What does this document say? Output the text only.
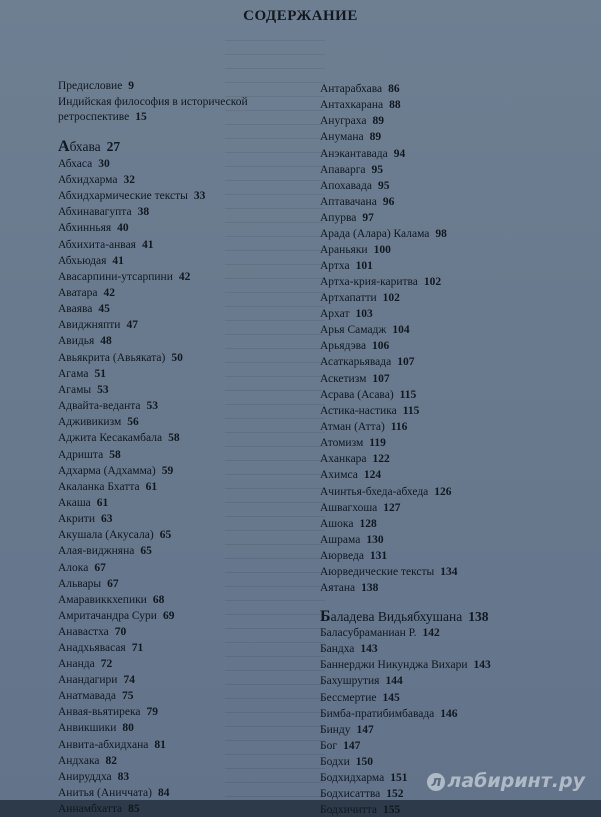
СОДЕРЖАНИЕ
Предисловие 9
Индийская философия в исторической
ретроспективе 15
Абхава 27
Абхаса 30
Абхидхарма 32
Абхидхармические тексты 33
Абхинавагупта 38
Абхинньяя 40
Абхихита-анвая 41
Абхьюдая 41
Авасарпини-утсарпини 42
Аватара 42
Аваява 45
Авиджняпти 47
Авидья 48
Авьякрита (Авьяката) 50
Агама 51
Агамы 53
Адвайта-веданта 53
Адживикизм 56
Аджита Кесакамбала 58
Адришта 58
Адхарма (Адхамма) 59
Акаланка Бхатта 61
Акаша 61
Акрити 63
Акушала (Акусала) 65
Алая-виджняна 65
Алока 67
Альвары 67
Амаравиккхепики 68
Амритачандра Сури 69
Анавастха 70
Анадхьявасая 71
Ананда 72
Анандагири 74
Анатмавада 75
Анвая-вьятирека 79
Анвикшики 80
Анвита-абхидхана 81
Андхака 82
Анируддха 83
Анитья (Аниччата) 84
Аннамбхатта 85
Антарабхава 86
Антахкарана 88
Ануграха 89
Анумана 89
Анэкантавада 94
Апаварга 95
Апохавада 95
Аптавачана 96
Апурва 97
Арада (Алара) Калама 98
Араньяки 100
Артха 101
Артха-крия-каритва 102
Артхапатти 102
Архат 103
Арья Самадж 104
Арьядэва 106
Асаткарьявада 107
Аскетизм 107
Асрава (Асава) 115
Астика-настика 115
Атман (Атта) 116
Атомизм 119
Аханкара 122
Ахимса 124
Ачинтья-бхеда-абхеда 126
Ашвагхоша 127
Ашока 128
Ашрама 130
Аюрведа 131
Аюрведические тексты 134
Аятана 138
Баладева Видьябхушана 138
Баласубраманиан Р. 142
Бандха 143
Баннерджи Никунджа Вихари 143
Бахушрутия 144
Бессмертие 145
Бимба-пратибимбавада 146
Бинду 147
Бог 147
Бодхи 150
Бодхидхарма 151
Бодхисаттва 152
Бодхичитта 155
л лабиринт.ру
